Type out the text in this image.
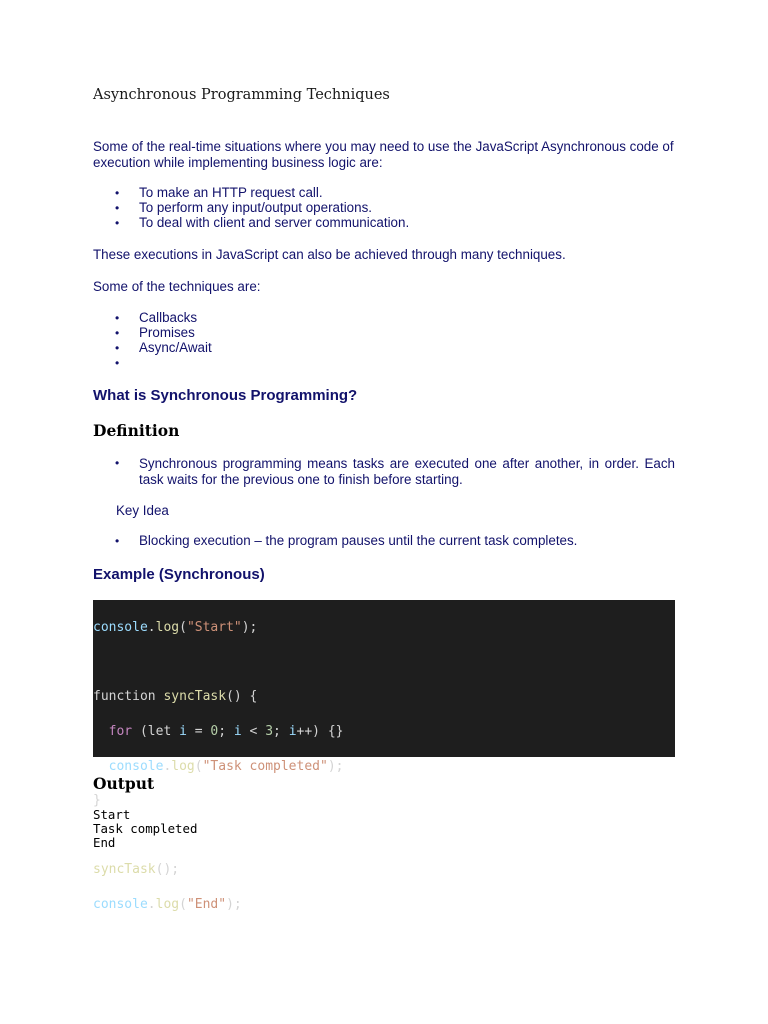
Asynchronous Programming Techniques

Some of the real-time situations where you may need to use the JavaScript Asynchronous code of execution while implementing business logic are:

• To make an HTTP request call.
• To perform any input/output operations.
• To deal with client and server communication.

These executions in JavaScript can also be achieved through many techniques.

Some of the techniques are:

• Callbacks
• Promises
• Async/Await
•
What is Synchronous Programming?
Definition
• Synchronous programming means tasks are executed one after another, in order. Each task waits for the previous one to finish before starting.

Key Idea

• Blocking execution – the program pauses until the current task completes.
Example (Synchronous)

console.log("Start");

function syncTask() {

for (let i = 0; i < 3; i++) {}

console.log("Task completed");

}

syncTask();

console.log("End");

Output
Start
Task completed
End
